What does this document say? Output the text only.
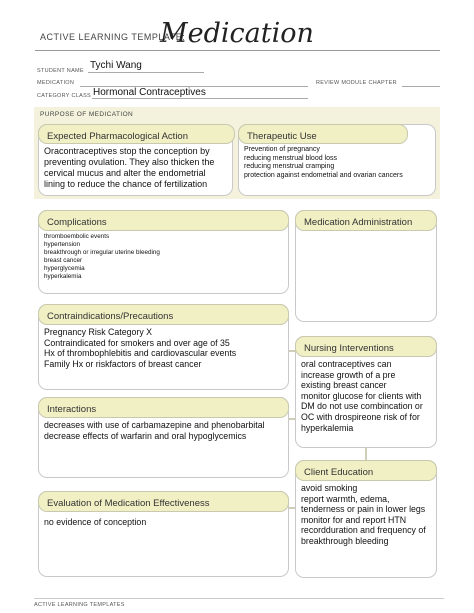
ACTIVE LEARNING TEMPLATE:
Medication
STUDENT NAME Tychi Wang
MEDICATION	REVIEW MODULE CHAPTER
CATEGORY CLASS Hormonal Contraceptives
PURPOSE OF MEDICATION
Expected Pharmacological Action
Oracontraceptives stop the conception by
preventing ovulation. They also thicken the
cervical mucus and alter the endometrial
lining to reduce the chance of fertilization
Therapeutic Use
Prevention of pregnancy
reducing menstrual blood loss
reducing menstrual cramping
protection against endometrial and ovarian cancers
Complications
thromboembolic events
hypertension
breakthrough or irregular uterine bleeding
breast cancer
hyperglycemia
hyperkalemia
Medication Administration
Contraindications/Precautions
Pregnancy Risk Category X
Contraindicated for smokers and over age of 35
Hx of thrombophlebitis and cardiovascular events
Family Hx or riskfactors of breast cancer
Nursing Interventions
oral contraceptives can
increase growth of a pre
existing breast cancer
monitor glucose for clients with
DM do not use combincation or
OC with drospireone risk of for
hyperkalemia
Interactions
decreases with use of carbamazepine and phenobarbital
decrease effects of warfarin and oral hypoglycemics
Client Education
avoid smoking
report warmth, edema,
tenderness or pain in lower legs
monitor for and report HTN
recordduration and frequency of
breakthrough bleeding
Evaluation of Medication Effectiveness
no evidence of conception
ACTIVE LEARNING TEMPLATES
